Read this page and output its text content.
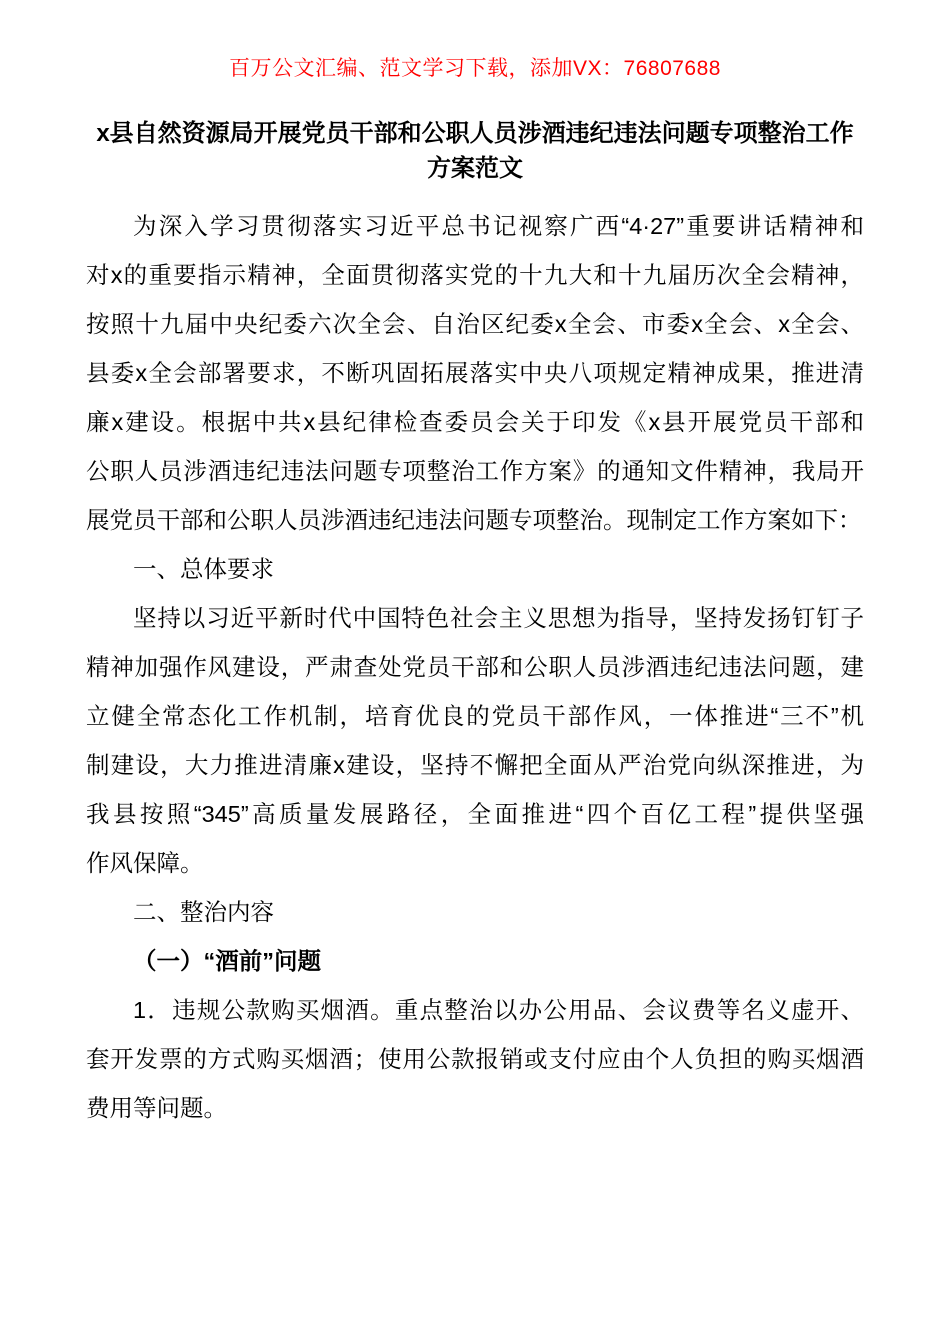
百万公文汇编、范文学习下载，添加VX：76807688
x县自然资源局开展党员干部和公职人员涉酒违纪违法问题专项整治工作
方案范文
为深入学习贯彻落实习近平总书记视察广西“4·27”重要讲话精神和
对x的重要指示精神，全面贯彻落实党的十九大和十九届历次全会精神，
按照十九届中央纪委六次全会、自治区纪委x全会、市委x全会、x全会、
县委x全会部署要求，不断巩固拓展落实中央八项规定精神成果，推进清
廉x建设。根据中共x县纪律检查委员会关于印发《x县开展党员干部和
公职人员涉酒违纪违法问题专项整治工作方案》的通知文件精神，我局开
展党员干部和公职人员涉酒违纪违法问题专项整治。现制定工作方案如下：
一、总体要求
坚持以习近平新时代中国特色社会主义思想为指导，坚持发扬钉钉子
精神加强作风建设，严肃查处党员干部和公职人员涉酒违纪违法问题，建
立健全常态化工作机制，培育优良的党员干部作风，一体推进“三不”机
制建设，大力推进清廉x建设，坚持不懈把全面从严治党向纵深推进，为
我县按照“345”高质量发展路径，全面推进“四个百亿工程”提供坚强
作风保障。
二、整治内容
（一）“酒前”问题
1．违规公款购买烟酒。重点整治以办公用品、会议费等名义虚开、
套开发票的方式购买烟酒；使用公款报销或支付应由个人负担的购买烟酒
费用等问题。
